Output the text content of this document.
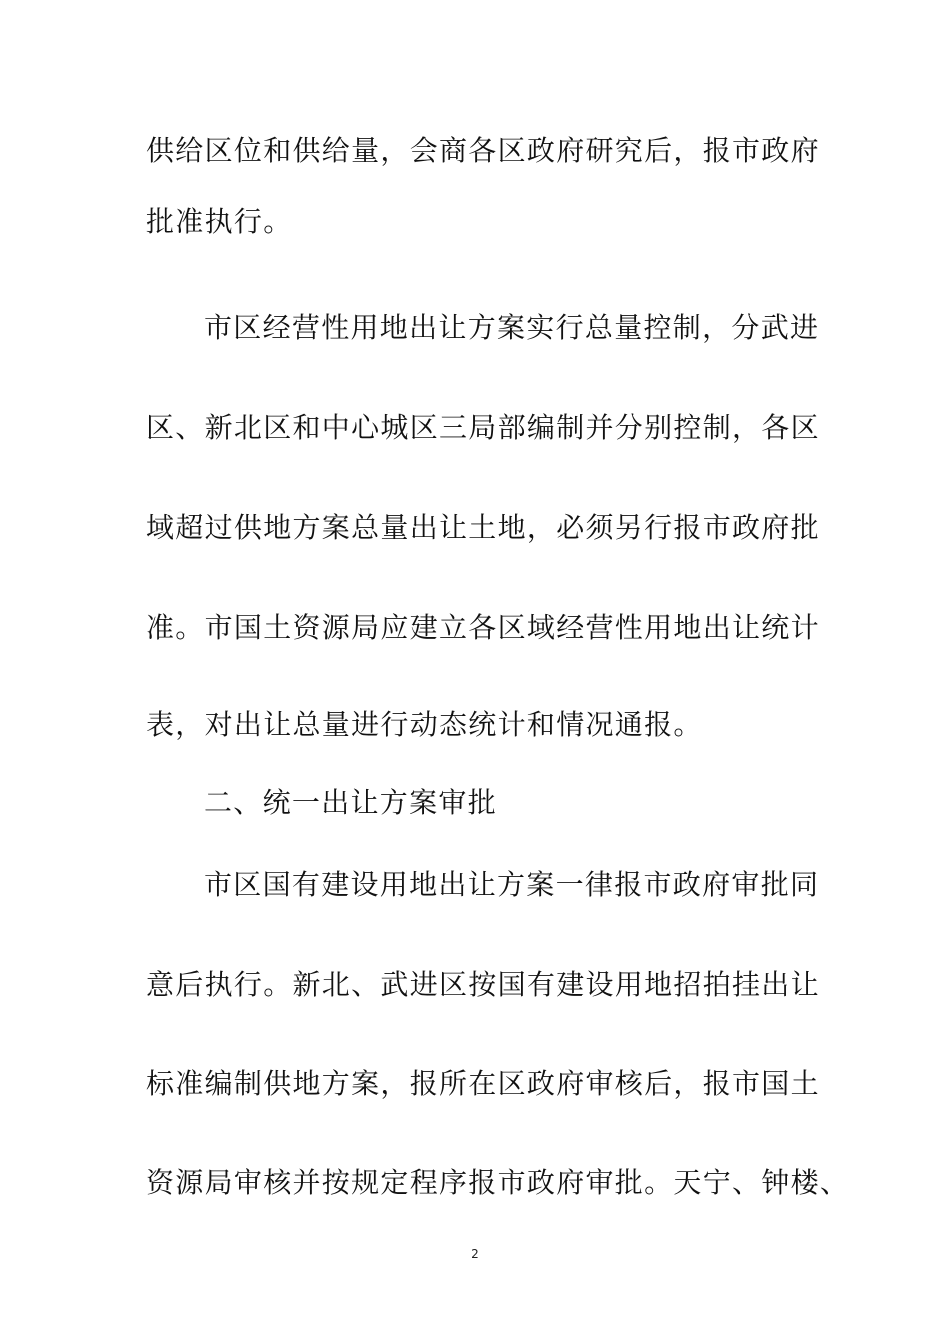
供给区位和供给量，会商各区政府研究后，报市政府
批准执行。
市区经营性用地出让方案实行总量控制，分武进
区、新北区和中心城区三局部编制并分别控制，各区
域超过供地方案总量出让土地，必须另行报市政府批
准。市国土资源局应建立各区域经营性用地出让统计
表，对出让总量进行动态统计和情况通报。
二、统一出让方案审批
市区国有建设用地出让方案一律报市政府审批同
意后执行。新北、武进区按国有建设用地招拍挂出让
标准编制供地方案，报所在区政府审核后，报市国土
资源局审核并按规定程序报市政府审批。天宁、钟楼、
2
